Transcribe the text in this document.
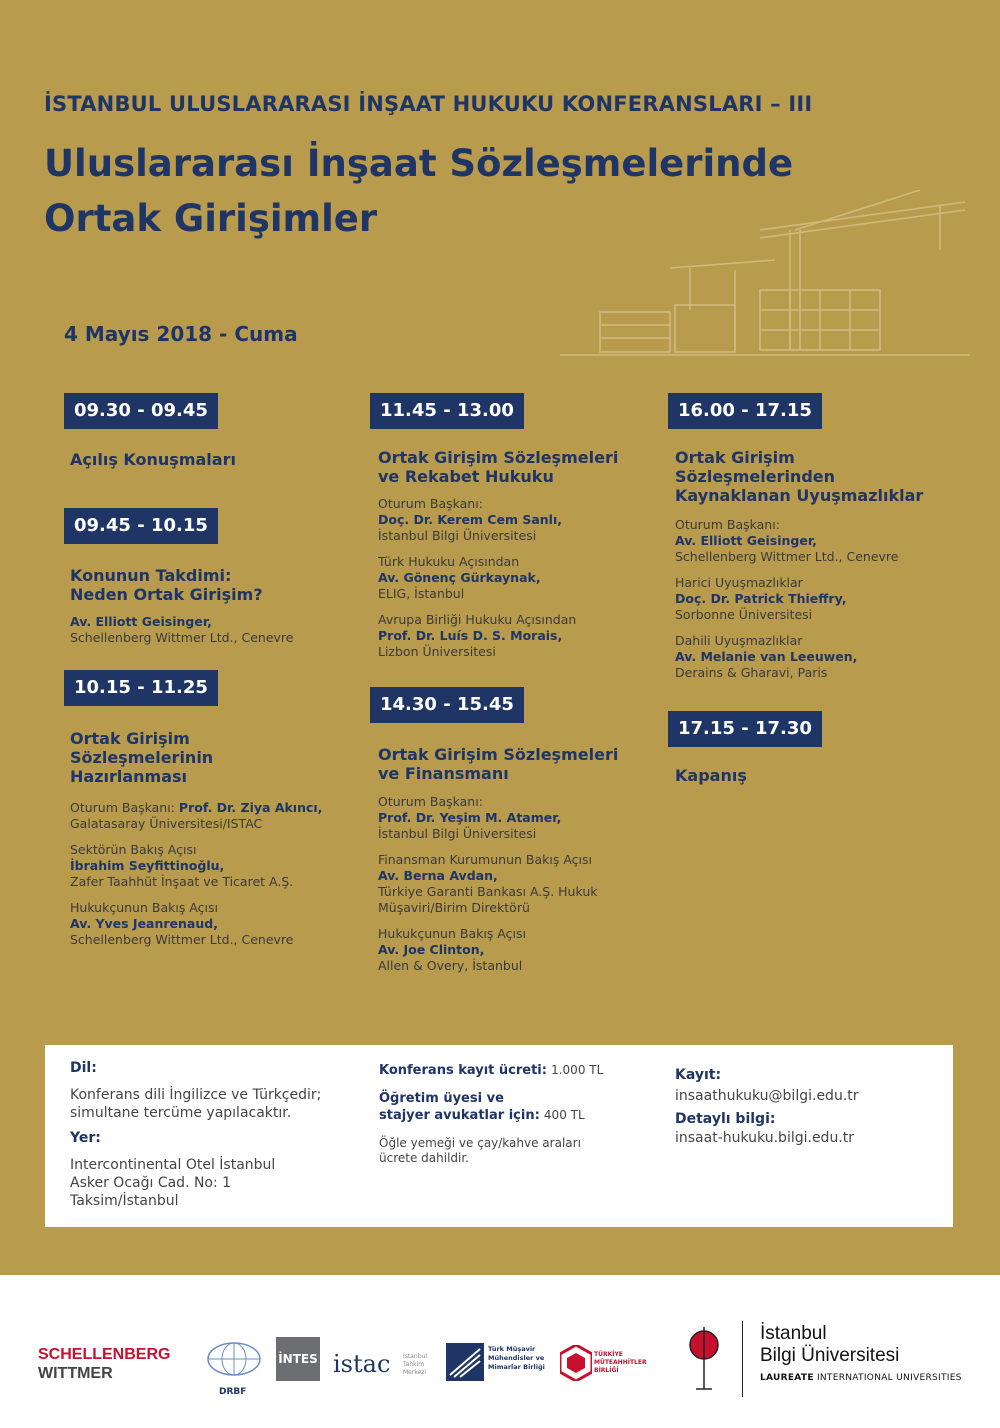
İSTANBUL ULUSLARARASI İNŞAAT HUKUKU KONFERANSLARI – III
Uluslararası İnşaat Sözleşmelerinde
Ortak Girişimler
4 Mayıs 2018 - Cuma
09.30 - 09.45
Açılış Konuşmaları
09.45 - 10.15
Konunun Takdimi:
Neden Ortak Girişim?
Av. Elliott Geisinger,
Schellenberg Wittmer Ltd., Cenevre
10.15 - 11.25
Ortak Girişim
Sözleşmelerinin
Hazırlanması
Oturum Başkanı: Prof. Dr. Ziya Akıncı,
Galatasaray Üniversitesi/ISTAC
Sektörün Bakış Açısı
İbrahim Seyfittinoğlu,
Zafer Taahhüt İnşaat ve Ticaret A.Ş.
Hukukçunun Bakış Açısı
Av. Yves Jeanrenaud,
Schellenberg Wittmer Ltd., Cenevre
11.45 - 13.00
Ortak Girişim Sözleşmeleri
ve Rekabet Hukuku
Oturum Başkanı:
Doç. Dr. Kerem Cem Sanlı,
İstanbul Bilgi Üniversitesi
Türk Hukuku Açısından
Av. Gönenç Gürkaynak,
ELIG, İstanbul
Avrupa Birliği Hukuku Açısından
Prof. Dr. Luís D. S. Morais,
Lizbon Üniversitesi
14.30 - 15.45
Ortak Girişim Sözleşmeleri
ve Finansmanı
Oturum Başkanı:
Prof. Dr. Yeşim M. Atamer,
İstanbul Bilgi Üniversitesi
Finansman Kurumunun Bakış Açısı
Av. Berna Avdan,
Türkiye Garanti Bankası A.Ş. Hukuk
Müşaviri/Birim Direktörü
Hukukçunun Bakış Açısı
Av. Joe Clinton,
Allen & Overy, İstanbul
16.00 - 17.15
Ortak Girişim
Sözleşmelerinden
Kaynaklanan Uyuşmazlıklar
Oturum Başkanı:
Av. Elliott Geisinger,
Schellenberg Wittmer Ltd., Cenevre
Harici Uyuşmazlıklar
Doç. Dr. Patrick Thieffry,
Sorbonne Üniversitesi
Dahili Uyuşmazlıklar
Av. Melanie van Leeuwen,
Derains & Gharavi, Paris
17.15 - 17.30
Kapanış
Dil:
Konferans dili İngilizce ve Türkçedir;
simultane tercüme yapılacaktır.
Yer:
Intercontinental Otel İstanbul
Asker Ocağı Cad. No: 1
Taksim/İstanbul
Konferans kayıt ücreti: 1.000 TL
Öğretim üyesi ve
stajyer avukatlar için: 400 TL
Öğle yemeği ve çay/kahve araları
ücrete dahildir.
Kayıt:
insaathukuku@bilgi.edu.tr
Detaylı bilgi:
insaat-hukuku.bilgi.edu.tr
SCHELLENBERG
WITTMER
DRBF
İNTES istac İstanbul Tahkim Merkezi
Türk Müşavir Mühendisler ve Mimarlar Birliği
TÜRKİYE MÜTEAHHİTLER BİRLİĞİ
İstanbul
Bilgi Üniversitesi
LAUREATE INTERNATIONAL UNIVERSITIES
